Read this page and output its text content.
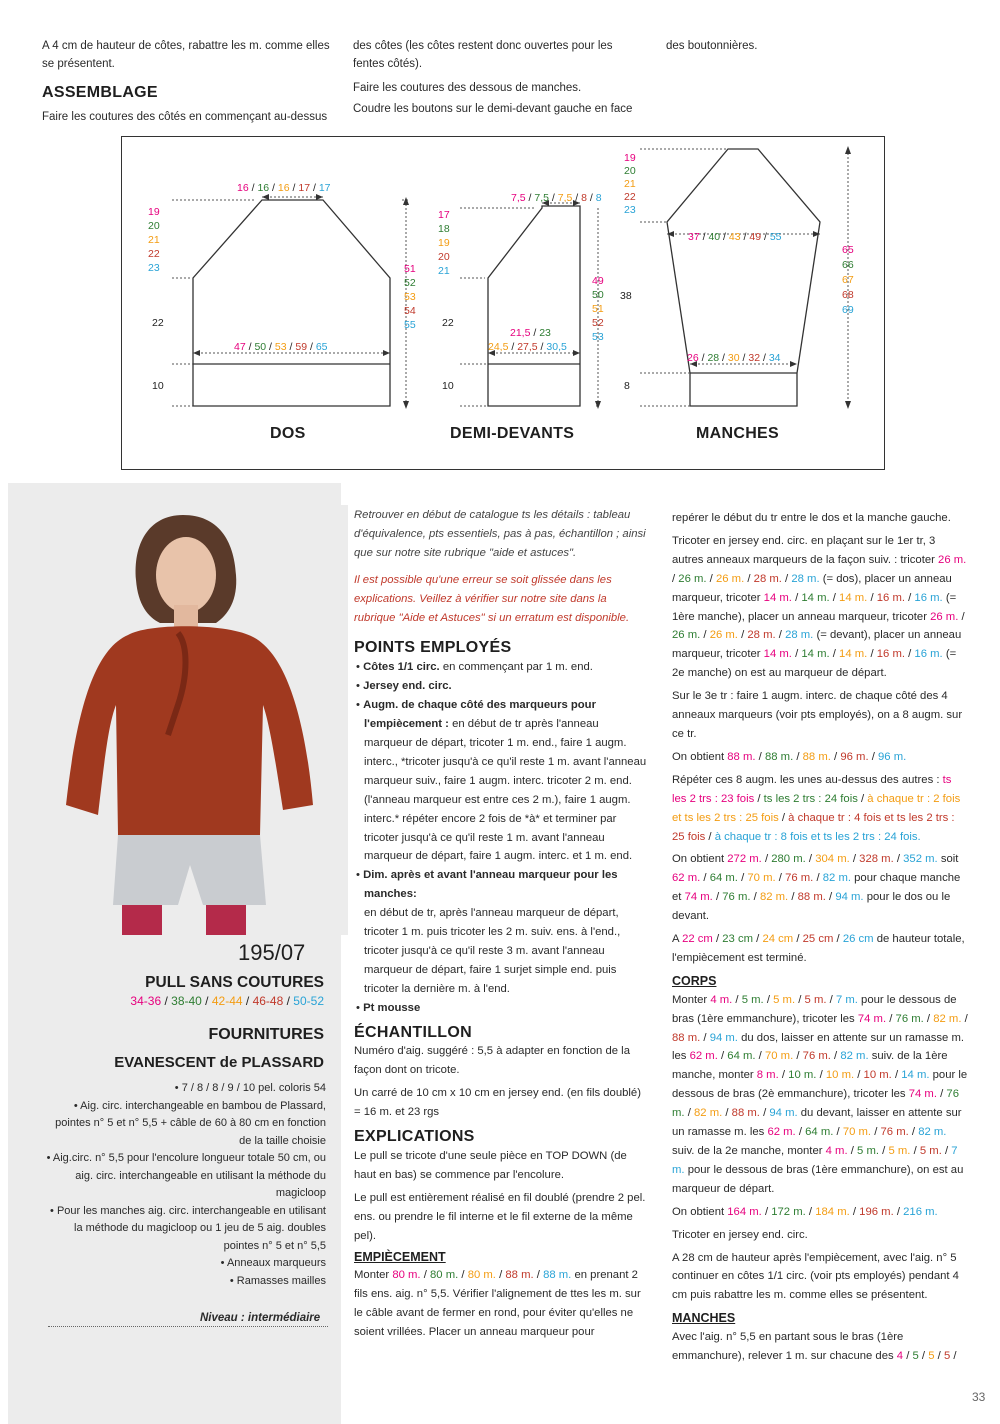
A 4 cm de hauteur de côtes, rabattre les m. comme elles
se présentent.
ASSEMBLAGE
Faire les coutures des côtés en commençant au-dessus
des côtes (les côtes restent donc ouvertes pour les
fentes côtés).
Faire les coutures des dessous de manches.
Coudre les boutons sur le demi-devant gauche en face
des boutonnières.
16 / 16 / 16 / 17 / 17
19
20
21
22
23	51
52
53
54
55
22
47 / 50 / 53 / 59 / 65
10
DOS
7,5 / 7,5 / 7,5 / 8 / 8
17
18
19
20
21
49
50
51
52
53
38
22
21,5 / 23
24,5 / 27,5 / 30,5
10
DEMI-DEVANTS
19
20
21
22
23
37 / 40 / 43 / 49 / 55
65
66
67
68
69
26 / 28 / 30 / 32 / 34
8
MANCHES
195/07
PULL SANS COUTURES
34-36 / 38-40 / 42-44 / 46-48 / 50-52
FOURNITURES
EVANESCENT de PLASSARD
• 7 / 8 / 8 / 9 / 10 pel. coloris 54
• Aig. circ. interchangeable en bambou de Plassard, pointes n° 5 et n° 5,5 + câble de 60 à 80 cm en fonction de la taille choisie
• Aig.circ. n° 5,5 pour l'encolure longueur totale 50 cm, ou aig. circ. interchangeable en utilisant la méthode du magicloop
• Pour les manches aig. circ. interchangeable en utilisant la méthode du magicloop ou 1 jeu de 5 aig. doubles pointes n° 5 et n° 5,5
• Anneaux marqueurs
• Ramasses mailles
Niveau : intermédiaire

Retrouver en début de catalogue ts les détails : tableau d'équivalence, pts essentiels, pas à pas, échantillon ; ainsi que sur notre site rubrique "aide et astuces".

Il est possible qu'une erreur se soit glissée dans les explications. Veillez à vérifier sur notre site dans la rubrique "Aide et Astuces" si un erratum est disponible.

POINTS EMPLOYÉS

• Côtes 1/1 circ. en commençant par 1 m. end.

• Jersey end. circ.

• Augm. de chaque côté des marqueurs pour l'empiècement : en début de tr après l'anneau marqueur de départ, tricoter 1 m. end., faire 1 augm. interc., *tricoter jusqu'à ce qu'il reste 1 m. avant l'anneau marqueur suiv., faire 1 augm. interc. tricoter 2 m. end. (l'anneau marqueur est entre ces 2 m.), faire 1 augm. interc.* répéter encore 2 fois de *à* et terminer par tricoter jusqu'à ce qu'il reste 1 m. avant l'anneau marqueur de départ, faire 1 augm. interc. et 1 m. end.

• Dim. après et avant l'anneau marqueur pour les manches:

en début de tr, après l'anneau marqueur de départ, tricoter 1 m. puis tricoter les 2 m. suiv. ens. à l'end., tricoter jusqu'à ce qu'il reste 3 m. avant l'anneau marqueur de départ, faire 1 surjet simple end. puis tricoter la dernière m. à l'end.

• Pt mousse

ÉCHANTILLON

Numéro d'aig. suggéré : 5,5 à adapter en fonction de la façon dont on tricote.

Un carré de 10 cm x 10 cm en jersey end. (en fils doublé) = 16 m. et 23 rgs

EXPLICATIONS

Le pull se tricote d'une seule pièce en TOP DOWN (de haut en bas) se commence par l'encolure.

Le pull est entièrement réalisé en fil doublé (prendre 2 pel. ens. ou prendre le fil interne et le fil externe de la même pel).

EMPIÈCEMENT

Monter 80 m. / 80 m. / 80 m. / 88 m. / 88 m. en prenant 2 fils ens. aig. n° 5,5. Vérifier l'alignement de ttes les m. sur le câble avant de fermer en rond, pour éviter qu'elles ne soient vrillées. Placer un anneau marqueur pour

repérer le début du tr entre le dos et la manche gauche.

Tricoter en jersey end. circ. en plaçant sur le 1er tr, 3 autres anneaux marqueurs de la façon suiv. : tricoter 26 m. / 26 m. / 26 m. / 28 m. / 28 m. (= dos), placer un anneau marqueur, tricoter 14 m. / 14 m. / 14 m. / 16 m. / 16 m. (= 1ère manche), placer un anneau marqueur, tricoter 26 m. / 26 m. / 26 m. / 28 m. / 28 m. (= devant), placer un anneau marqueur, tricoter 14 m. / 14 m. / 14 m. / 16 m. / 16 m. (= 2e manche) on est au marqueur de départ.

Sur le 3e tr : faire 1 augm. interc. de chaque côté des 4 anneaux marqueurs (voir pts employés), on a 8 augm. sur ce tr.

On obtient 88 m. / 88 m. / 88 m. / 96 m. / 96 m.

Répéter ces 8 augm. les unes au-dessus des autres : ts les 2 trs : 23 fois / ts les 2 trs : 24 fois / à chaque tr : 2 fois et ts les 2 trs : 25 fois / à chaque tr : 4 fois et ts les 2 trs : 25 fois / à chaque tr : 8 fois et ts les 2 trs : 24 fois.

On obtient 272 m. / 280 m. / 304 m. / 328 m. / 352 m. soit 62 m. / 64 m. / 70 m. / 76 m. / 82 m. pour chaque manche et 74 m. / 76 m. / 82 m. / 88 m. / 94 m. pour le dos ou le devant.

A 22 cm / 23 cm / 24 cm / 25 cm / 26 cm de hauteur totale, l'empiècement est terminé.

CORPS

Monter 4 m. / 5 m. / 5 m. / 5 m. / 7 m. pour le dessous de bras (1ère emmanchure), tricoter les 74 m. / 76 m. / 82 m. / 88 m. / 94 m. du dos, laisser en attente sur un ramasse m. les 62 m. / 64 m. / 70 m. / 76 m. / 82 m. suiv. de la 1ère manche, monter 8 m. / 10 m. / 10 m. / 10 m. / 14 m. pour le dessous de bras (2è emmanchure), tricoter les 74 m. / 76 m. / 82 m. / 88 m. / 94 m. du devant, laisser en attente sur un ramasse m. les 62 m. / 64 m. / 70 m. / 76 m. / 82 m. suiv. de la 2e manche, monter 4 m. / 5 m. / 5 m. / 5 m. / 7 m. pour le dessous de bras (1ère emmanchure), on est au marqueur de départ.

On obtient 164 m. / 172 m. / 184 m. / 196 m. / 216 m.

Tricoter en jersey end. circ.

A 28 cm de hauteur après l'empiècement, avec l'aig. n° 5 continuer en côtes 1/1 circ. (voir pts employés) pendant 4 cm puis rabattre les m. comme elles se présentent.

MANCHES

Avec l'aig. n° 5,5 en partant sous le bras (1ère emmanchure), relever 1 m. sur chacune des 4 / 5 / 5 / 5 /

33
